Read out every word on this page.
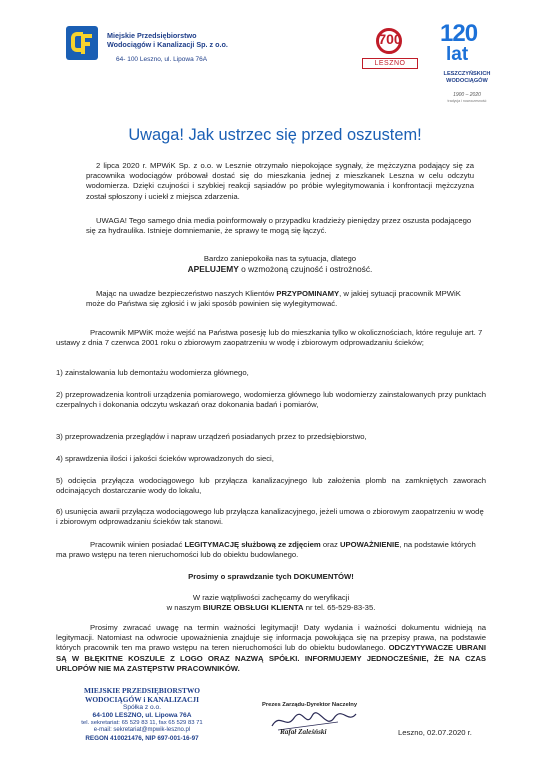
Miejskie Przedsiębiorstwo
Wodociągów i Kanalizacji Sp. z o.o.
64- 100 Leszno, ul. Lipowa 76A
700
LESZNO
120
lat
LESZCZYŃSKICH
WODOCIĄGÓW
1900 – 2020
tradycja i nowoczesność
Uwaga! Jak ustrzec się przed oszustem!
2 lipca 2020 r. MPWiK Sp. z o.o. w Lesznie otrzymało niepokojące sygnały, że mężczyzna podający się za pracownika wodociągów próbował dostać się do mieszkania jednej z mieszkanek Leszna w celu odczytu wodomierza. Dzięki czujności i szybkiej reakcji sąsiadów po próbie wylegitymowania i konfrontacji mężczyzna został spłoszony i uciekł z miejsca zdarzenia.
UWAGA! Tego samego dnia media poinformowały o przypadku kradzieży pieniędzy przez oszusta podającego się za hydraulika. Istnieje domniemanie, że sprawy te mogą się łączyć.
Bardzo zaniepokoiła nas ta sytuacja, dlatego
APELUJEMY o wzmożoną czujność i ostrożność.
Mając na uwadze bezpieczeństwo naszych Klientów PRZYPOMINAMY, w jakiej sytuacji pracownik MPWiK może do Państwa się zgłosić i w jaki sposób powinien się wylegitymować.
Pracownik MPWiK może wejść na Państwa posesję lub do mieszkania tylko w okolicznościach, które reguluje art. 7 ustawy z dnia 7 czerwca 2001 roku o zbiorowym zaopatrzeniu w wodę i zbiorowym odprowadzaniu ścieków;
1) zainstalowania lub demontażu wodomierza głównego,
2) przeprowadzenia kontroli urządzenia pomiarowego, wodomierza głównego lub wodomierzy zainstalowanych przy punktach czerpalnych i dokonania odczytu wskazań oraz dokonania badań i pomiarów,
3) przeprowadzenia przeglądów i napraw urządzeń posiadanych przez to przedsiębiorstwo,
4) sprawdzenia ilości i jakości ścieków wprowadzonych do sieci,
5) odcięcia przyłącza wodociągowego lub przyłącza kanalizacyjnego lub założenia plomb na zamkniętych zaworach odcinających dostarczanie wody do lokalu,
6) usunięcia awarii przyłącza wodociągowego lub przyłącza kanalizacyjnego, jeżeli umowa o zbiorowym zaopatrzeniu w wodę i zbiorowym odprowadzaniu ścieków tak stanowi.
Pracownik winien posiadać LEGITYMACJĘ służbową ze zdjęciem oraz UPOWAŻNIENIE, na podstawie których ma prawo wstępu na teren nieruchomości lub do obiektu budowlanego.
Prosimy o sprawdzanie tych DOKUMENTÓW!
W razie wątpliwości zachęcamy do weryfikacji
w naszym BIURZE OBSŁUGI KLIENTA nr tel. 65-529-83-35.
Prosimy zwracać uwagę na termin ważności legitymacji! Daty wydania i ważności dokumentu widnieją na legitymacji. Natomiast na odwrocie upoważnienia znajduje się informacja powołująca się na przepisy prawa, na podstawie których pracownik ten ma prawo wstępu na teren nieruchomości lub do obiektu budowlanego. ODCZYTYWACZE UBRANI SĄ W BŁĘKITNE KOSZULE Z LOGO ORAZ NAZWĄ SPÓŁKI. INFORMUJEMY JEDNOCZEŚNIE, ŻE NA CZAS URLOPÓW NIE MA ZASTĘPSTW PRACOWNIKÓW.
MIEJSKIE PRZEDSIĘBIORSTWO
WODOCIĄGÓW i KANALIZACJI
Spółka z o.o.
64-100 LESZNO, ul. Lipowa 76A
tel. sekretariat: 65 529 83 11, fax 65 529 83 71
e-mail: sekretariat@mpwik-leszno.pl
REGON 410021476, NIP 697-001-16-97
Prezes Zarządu-Dyrektor Naczelny
Rafał Zaleśński	Leszno, 02.07.2020 r.
